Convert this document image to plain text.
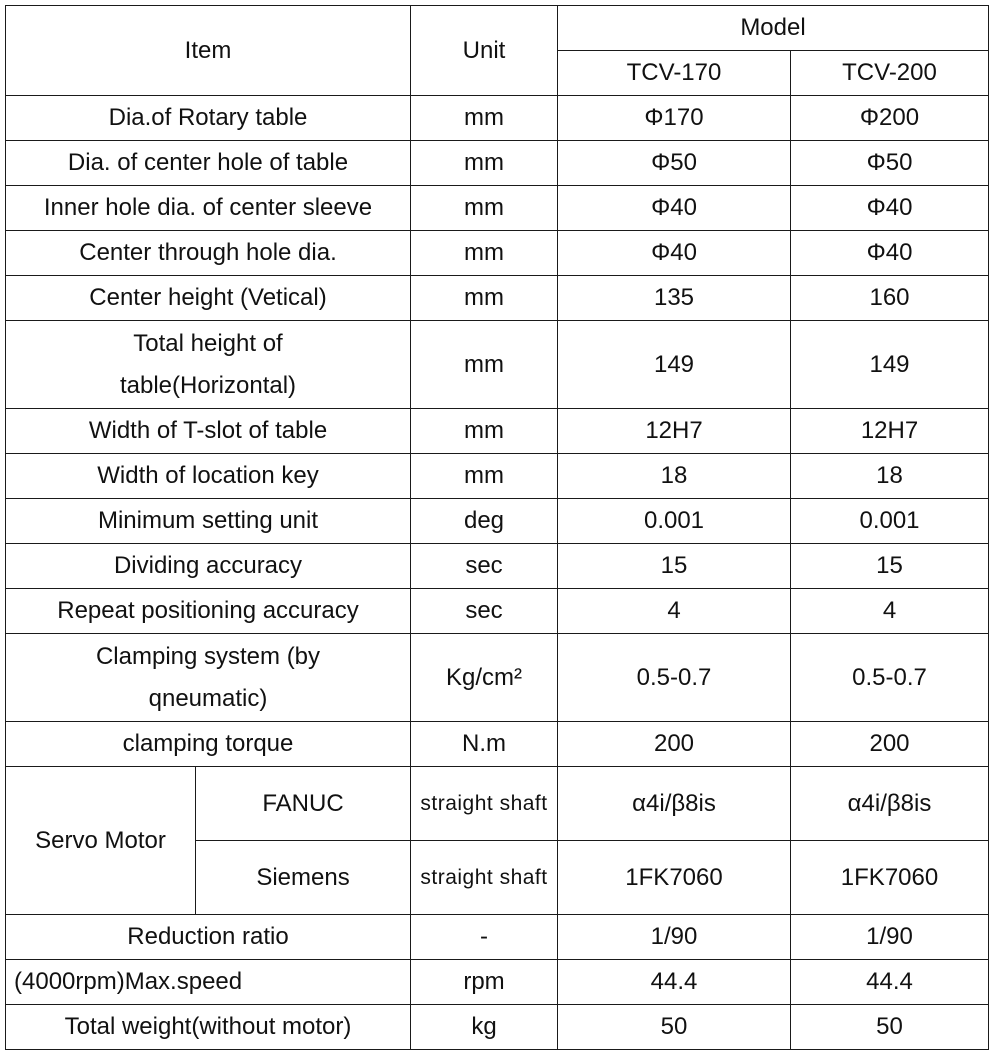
Item		Unit	Model	
			TCV-170	TCV-200
Dia.of Rotary table		mm	Φ170	Φ200
Dia. of center hole of table		mm	Φ50	Φ50
Inner hole dia. of center sleeve		mm	Φ40	Φ40
Center through hole dia.		mm	Φ40	Φ40
Center height (Vetical)		mm	135	160
Total height of table(Horizontal)		mm	149	149
Width of T-slot of table		mm	12H7	12H7
Width of location key		mm	18	18
Minimum setting unit		deg	0.001	0.001
Dividing accuracy		sec	15	15
Repeat positioning accuracy		sec	4	4
Clamping system (by qneumatic)		Kg/cm²	0.5-0.7	0.5-0.7
clamping torque		N.m	200	200
Servo Motor	FANUC	straight shaft	α4i/β8is	α4i/β8is
	Siemens	straight shaft	1FK7060	1FK7060
Reduction ratio		-	1/90	1/90
(4000rpm)Max.speed		rpm	44.4	44.4
Total weight(without motor)		kg	50	50
